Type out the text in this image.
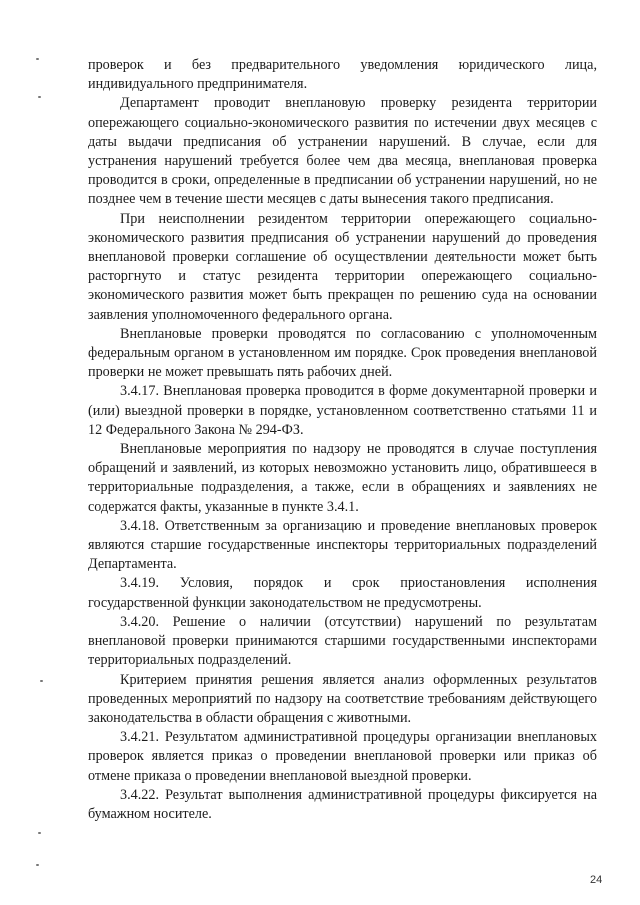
проверок и без предварительного уведомления юридического лица, индивидуального предпринимателя.

Департамент проводит внеплановую проверку резидента территории опережающего социально-экономического развития по истечении двух месяцев с даты выдачи предписания об устранении нарушений. В случае, если для устранения нарушений требуется более чем два месяца, внеплановая проверка проводится в сроки, определенные в предписании об устранении нарушений, но не позднее чем в течение шести месяцев с даты вынесения такого предписания.

При неисполнении резидентом территории опережающего социально-экономического развития предписания об устранении нарушений до проведения внеплановой проверки соглашение об осуществлении деятельности может быть расторгнуто и статус резидента территории опережающего социально-экономического развития может быть прекращен по решению суда на основании заявления уполномоченного федерального органа.

Внеплановые проверки проводятся по согласованию с уполномоченным федеральным органом в установленном им порядке. Срок проведения внеплановой проверки не может превышать пять рабочих дней.

3.4.17. Внеплановая проверка проводится в форме документарной проверки и (или) выездной проверки в порядке, установленном соответственно статьями 11 и 12 Федерального Закона № 294-ФЗ.

Внеплановые мероприятия по надзору не проводятся в случае поступления обращений и заявлений, из которых невозможно установить лицо, обратившееся в территориальные подразделения, а также, если в обращениях и заявлениях не содержатся факты, указанные в пункте 3.4.1.

3.4.18. Ответственным за организацию и проведение внеплановых проверок являются старшие государственные инспекторы территориальных подразделений Департамента.

3.4.19. Условия, порядок и срок приостановления исполнения государственной функции законодательством не предусмотрены.

3.4.20. Решение о наличии (отсутствии) нарушений по результатам внеплановой проверки принимаются старшими государственными инспекторами территориальных подразделений.

Критерием принятия решения является анализ оформленных результатов проведенных мероприятий по надзору на соответствие требованиям действующего законодательства в области обращения с животными.

3.4.21. Результатом административной процедуры организации внеплановых проверок является приказ о проведении внеплановой проверки или приказ об отмене приказа о проведении внеплановой выездной проверки.

3.4.22. Результат выполнения административной процедуры фиксируется на бумажном носителе.

24
